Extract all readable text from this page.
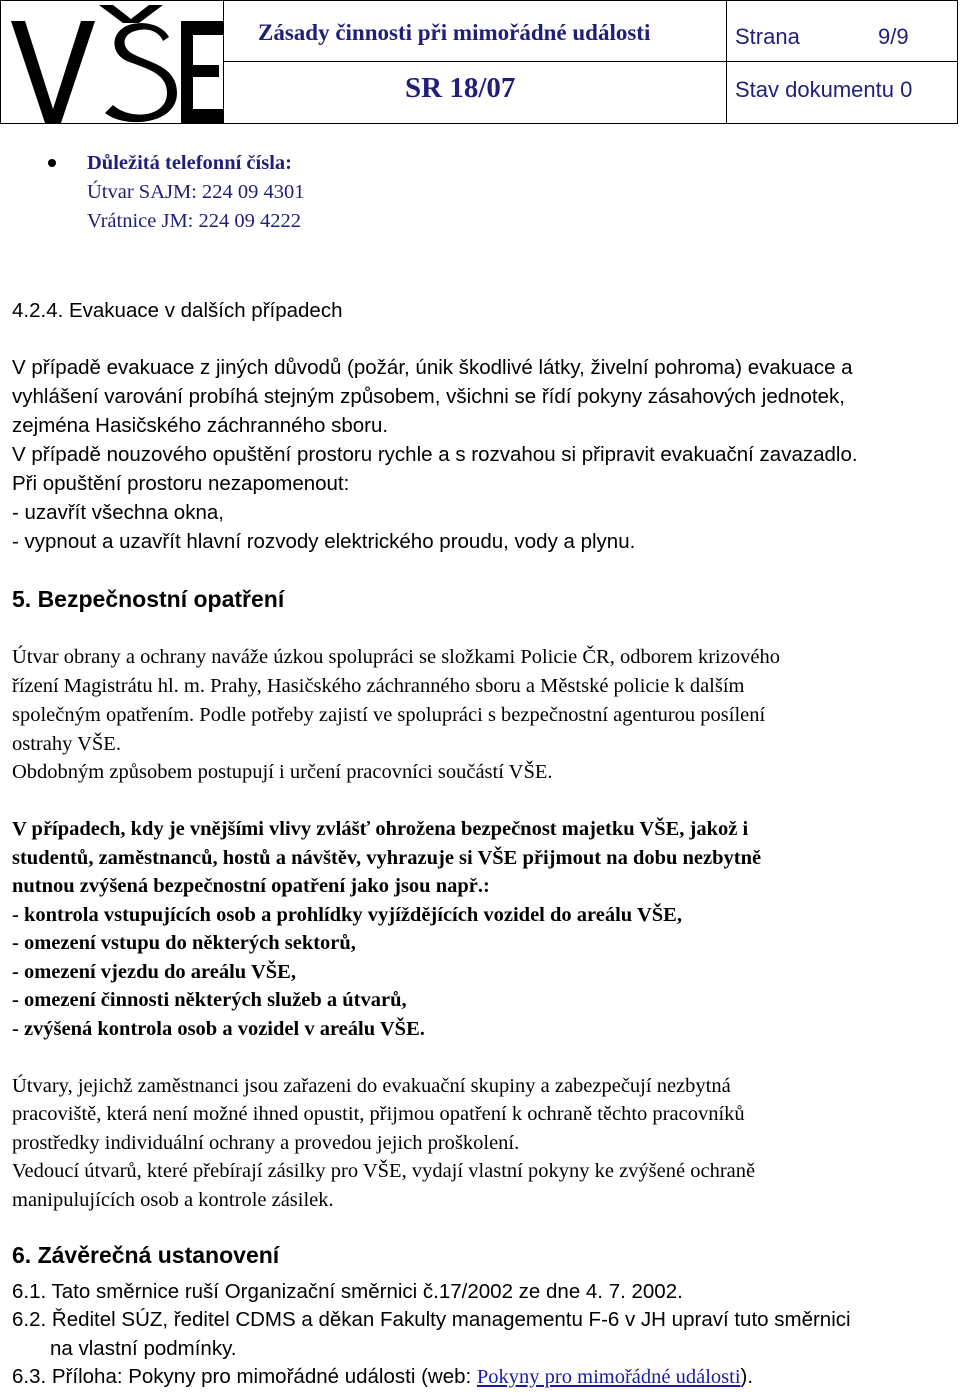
Zásady činnosti při mimořádné události
SR 18/07
Strana	9/9
Stav dokumentu 0
Důležitá telefonní čísla:
Útvar SAJM: 224 09 4301
Vrátnice JM: 224 09 4222
4.2.4. Evakuace v dalších případech
V případě evakuace z jiných důvodů (požár, únik škodlivé látky, živelní pohroma) evakuace a
vyhlášení varování probíhá stejným způsobem, všichni se řídí pokyny zásahových jednotek,
zejména Hasičského záchranného sboru.
V případě nouzového opuštění prostoru rychle a s rozvahou si připravit evakuační zavazadlo.
Při opuštění prostoru nezapomenout:
- uzavřít všechna okna,
- vypnout a uzavřít hlavní rozvody elektrického proudu, vody a plynu.
5. Bezpečnostní opatření
Útvar obrany a ochrany naváže úzkou spolupráci se složkami Policie ČR, odborem krizového
řízení Magistrátu hl. m. Prahy, Hasičského záchranného sboru a Městské policie k dalším
společným opatřením. Podle potřeby zajistí ve spolupráci s bezpečnostní agenturou posílení
ostrahy VŠE.
Obdobným způsobem postupují i určení pracovníci součástí VŠE.
V případech, kdy je vnějšími vlivy zvlášť ohrožena bezpečnost majetku VŠE, jakož i
studentů, zaměstnanců, hostů a návštěv, vyhrazuje si VŠE přijmout na dobu nezbytně
nutnou zvýšená bezpečnostní opatření jako jsou např.:
- kontrola vstupujících osob a prohlídky vyjíždějících vozidel do areálu VŠE,
- omezení vstupu do některých sektorů,
- omezení vjezdu do areálu VŠE,
- omezení činnosti některých služeb a útvarů,
- zvýšená kontrola osob a vozidel v areálu VŠE.
Útvary, jejichž zaměstnanci jsou zařazeni do evakuační skupiny a zabezpečují nezbytná
pracoviště, která není možné ihned opustit, přijmou opatření k ochraně těchto pracovníků
prostředky individuální ochrany a provedou jejich proškolení.
Vedoucí útvarů, které přebírají zásilky pro VŠE, vydají vlastní pokyny ke zvýšené ochraně
manipulujících osob a kontrole zásilek.
6. Závěrečná ustanovení
6.1. Tato směrnice ruší Organizační směrnici č.17/2002 ze dne 4. 7. 2002.
6.2. Ředitel SÚZ, ředitel CDMS a děkan Fakulty managementu F-6 v JH upraví tuto směrnici
na vlastní podmínky.
6.3. Příloha: Pokyny pro mimořádné události (web: Pokyny pro mimořádné události).
